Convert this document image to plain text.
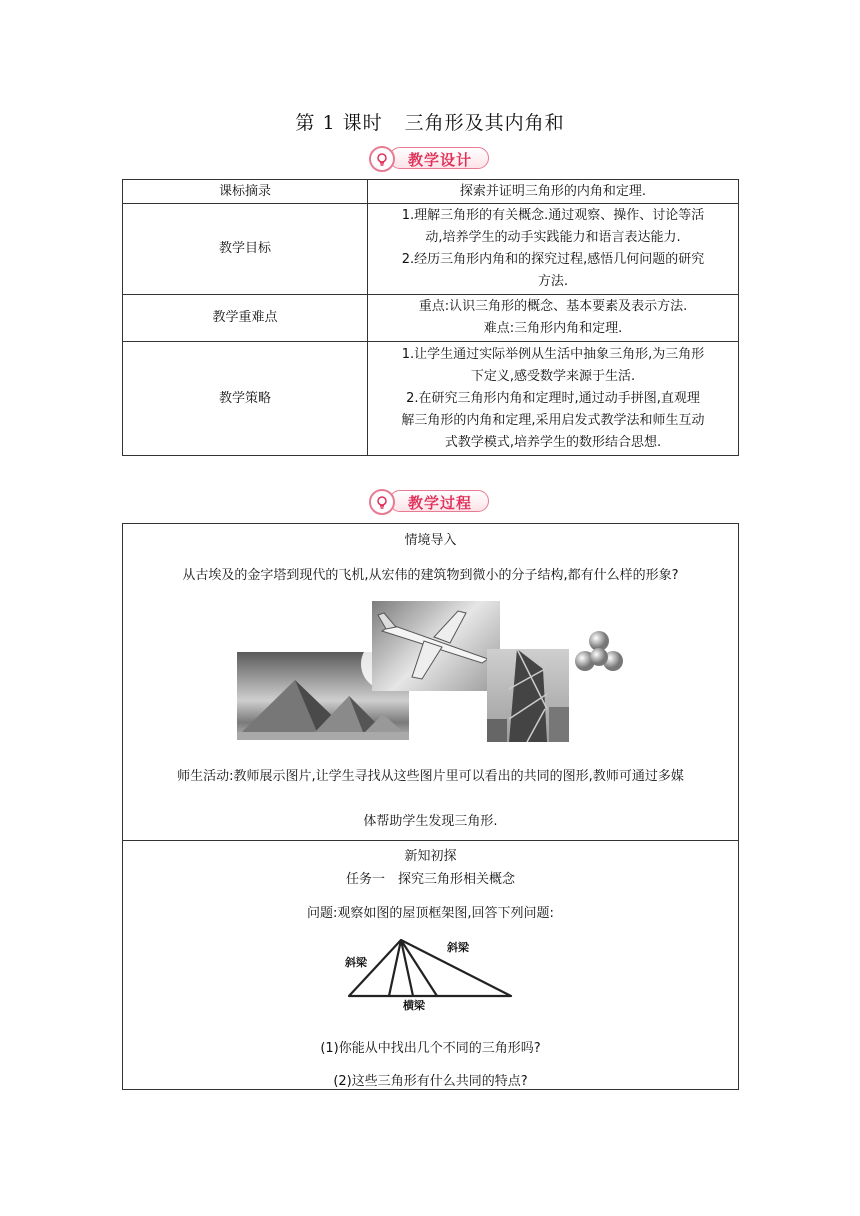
第 1 课时 三角形及其内角和
教学设计
课标摘录	探索并证明三角形的内角和定理.
教学目标	1.理解三角形的有关概念.通过观察、操作、讨论等活

动,培养学生的动手实践能力和语言表达能力.

2.经历三角形内角和的探究过程,感悟几何问题的研究

方法.

教学重难点	重点:认识三角形的概念、基本要素及表示方法.

难点:三角形内角和定理.

教学策略	1.让学生通过实际举例从生活中抽象三角形,为三角形

下定义,感受数学来源于生活.

2.在研究三角形内角和定理时,通过动手拼图,直观理

解三角形的内角和定理,采用启发式教学法和师生互动

式教学模式,培养学生的数形结合思想.

教学过程
情境导入
从古埃及的金字塔到现代的飞机,从宏伟的建筑物到微小的分子结构,都有什么样的形象?
师生活动:教师展示图片,让学生寻找从这些图片里可以看出的共同的图形,教师可通过多媒
体帮助学生发现三角形.
新知初探
任务一　探究三角形相关概念
问题:观察如图的屋顶框架图,回答下列问题:
斜梁
斜梁
横梁
(1)你能从中找出几个不同的三角形吗?
(2)这些三角形有什么共同的特点?
